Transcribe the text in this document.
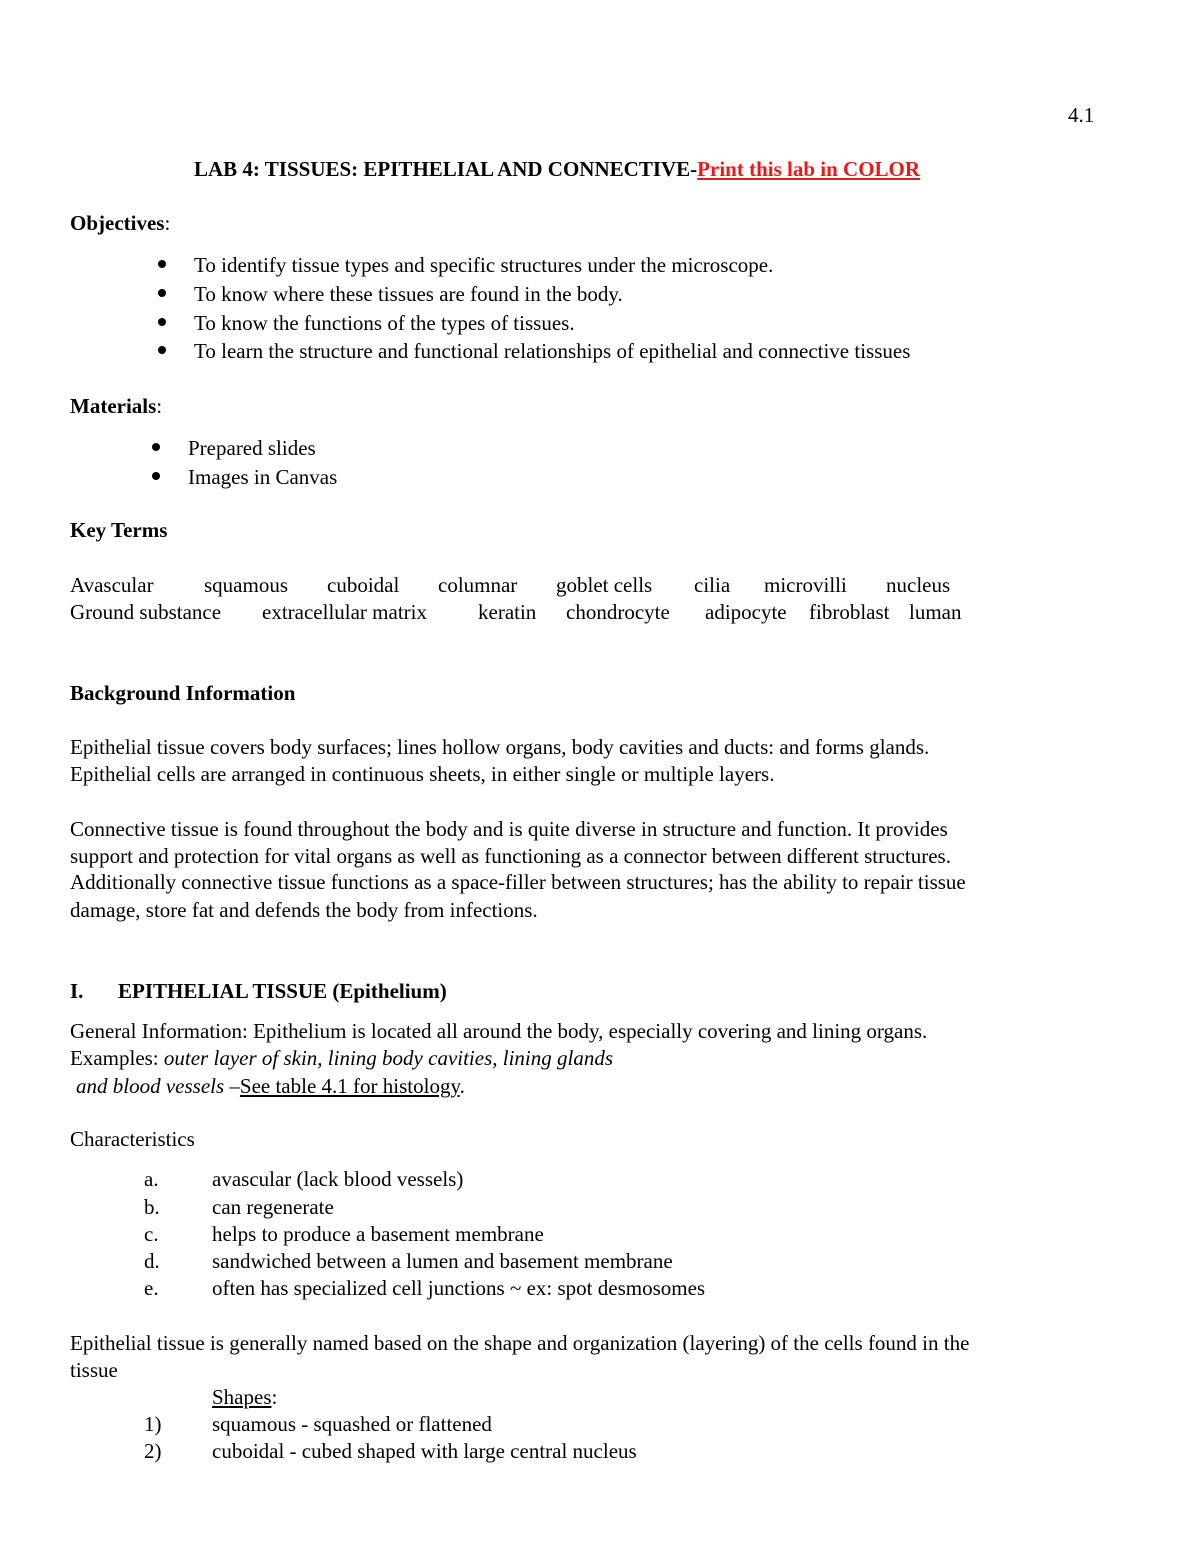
4.1
LAB 4: TISSUES: EPITHELIAL AND CONNECTIVE-Print this lab in COLOR
Objectives:
To identify tissue types and specific structures under the microscope.
To know where these tissues are found in the body.
To know the functions of the types of tissues.
To learn the structure and functional relationships of epithelial and connective tissues
Materials:
Prepared slides
Images in Canvas
Key Terms
Avascular squamous cuboidal columnar goblet cells cilia microvilli nucleus
Ground substance extracellular matrix keratin chondrocyte adipocyte fibroblast luman
Background Information
Epithelial tissue covers body surfaces; lines hollow organs, body cavities and ducts: and forms glands.
Epithelial cells are arranged in continuous sheets, in either single or multiple layers.
Connective tissue is found throughout the body and is quite diverse in structure and function. It provides
support and protection for vital organs as well as functioning as a connector between different structures.
Additionally connective tissue functions as a space-filler between structures; has the ability to repair tissue
damage, store fat and defends the body from infections.
I. EPITHELIAL TISSUE (Epithelium)
General Information: Epithelium is located all around the body, especially covering and lining organs.
Examples: outer layer of skin, lining body cavities, lining glands
and blood vessels –See table 4.1 for histology.
Characteristics
a.	avascular (lack blood vessels)
b. can regenerate
c.	helps to produce a basement membrane
d. sandwiched between a lumen and basement membrane
e.	often has specialized cell junctions ~ ex: spot desmosomes
Epithelial tissue is generally named based on the shape and organization (layering) of the cells found in the
tissue
Shapes:
1) squamous - squashed or flattened
2) cuboidal - cubed shaped with large central nucleus
